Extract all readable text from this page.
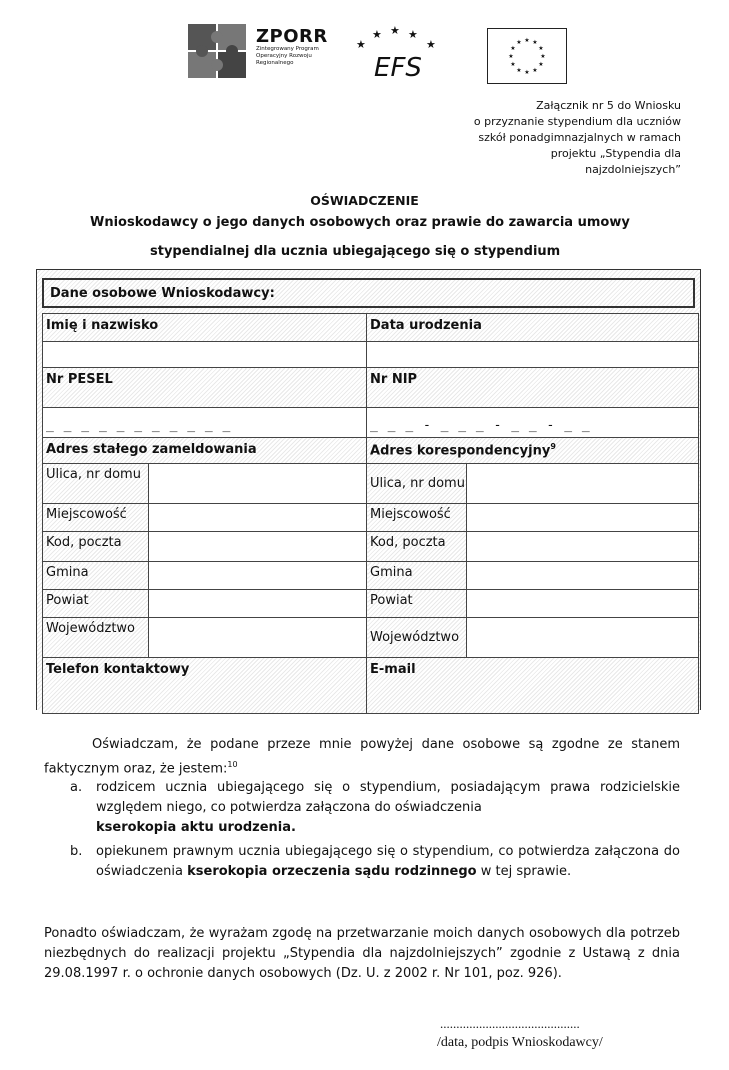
ZPORR
Zintegrowany Program Operacyjny Rozwoju Regionalnego
★
★ ★ ★
★
EFS
★ ★
★
★
★
★
★
★
★
★
★
★
Załącznik nr 5 do Wniosku
o przyznanie stypendium dla uczniów
szkół ponadgimnazjalnych w ramach
projektu „Stypendia dla
najzdolniejszych”
OŚWIADCZENIE
Wnioskodawcy o jego danych osobowych oraz prawie do zawarcia umowy
stypendialnej dla ucznia ubiegającego się o stypendium
Dane osobowe Wnioskodawcy:
Imię i nazwisko		Data urodzenia	

Nr PESEL		Nr NIP	
_ _ _ _ _ _ _ _ _ _ _		_ _ _ - _ _ _ - _ _ - _ _	
Adres stałego zameldowania		Adres korespondencyjny$^9$
Ulica, nr domu		Ulica, nr domu	
Miejscowość		Miejscowość	
Kod, poczta		Kod, poczta	
Gmina		Gmina	
Powiat		Powiat	
Województwo		Województwo	
Telefon kontaktowy		E-mail	
Oświadczam, że podane przeze mnie powyżej dane osobowe są zgodne ze stanem faktycznym oraz, że jestem:$^{10}$
a. rodzicem ucznia ubiegającego się o stypendium, posiadającym prawa rodzicielskie względem niego, co potwierdza załączona do oświadczenia
kserokopia aktu urodzenia.
b. opiekunem prawnym ucznia ubiegającego się o stypendium, co potwierdza załączona do oświadczenia kserokopia orzeczenia sądu rodzinnego w tej sprawie.
Ponadto oświadczam, że wyrażam zgodę na przetwarzanie moich danych osobowych dla potrzeb niezbędnych do realizacji projektu „Stypendia dla najzdolniejszych” zgodnie z Ustawą z dnia 29.08.1997 r. o ochronie danych osobowych (Dz. U. z 2002 r. Nr 101, poz. 926).
...........................................
/data, podpis Wnioskodawcy/
